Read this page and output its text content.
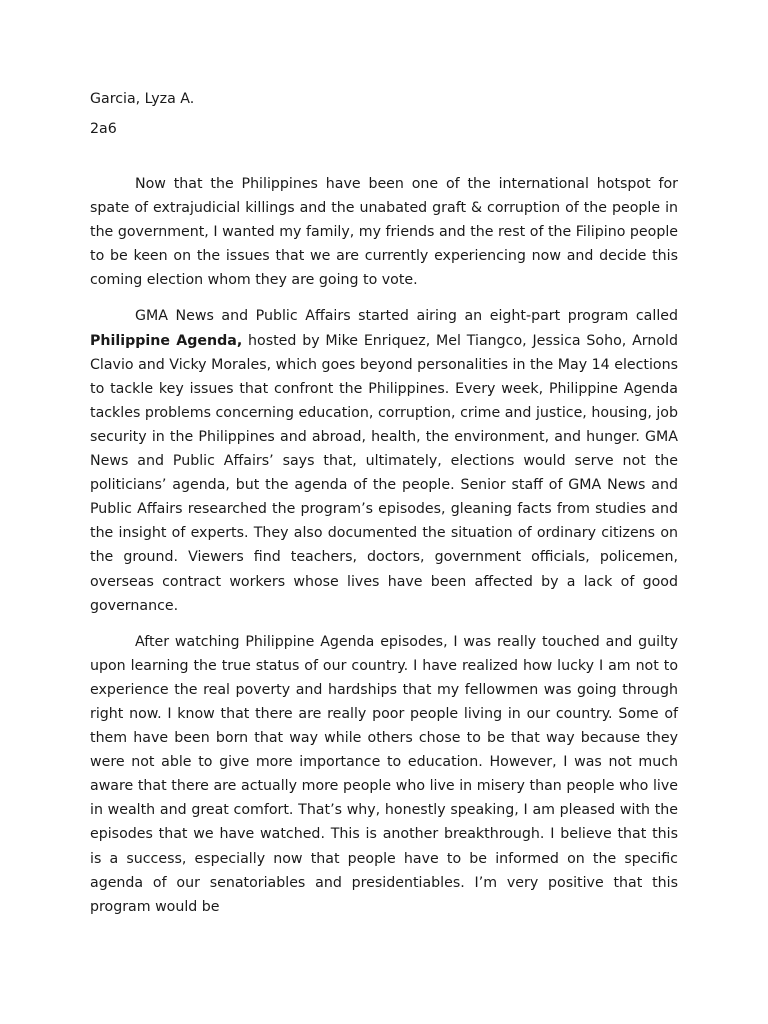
Garcia, Lyza A.

2a6

Now that the Philippines have been one of the international hotspot for spate of extrajudicial killings and the unabated graft & corruption of the people in the government, I wanted my family, my friends and the rest of the Filipino people to be keen on the issues that we are currently experiencing now and decide this coming election whom they are going to vote.

GMA News and Public Affairs started airing an eight-part program called Philippine Agenda, hosted by Mike Enriquez, Mel Tiangco, Jessica Soho, Arnold Clavio and Vicky Morales, which goes beyond personalities in the May 14 elections to tackle key issues that confront the Philippines. Every week, Philippine Agenda tackles problems concerning education, corruption, crime and justice, housing, job security in the Philippines and abroad, health, the environment, and hunger. GMA News and Public Affairs’ says that, ultimately, elections would serve not the politicians’ agenda, but the agenda of the people. Senior staff of GMA News and Public Affairs researched the program’s episodes, gleaning facts from studies and the insight of experts. They also documented the situation of ordinary citizens on the ground. Viewers find teachers, doctors, government officials, policemen, overseas contract workers whose lives have been affected by a lack of good governance.

After watching Philippine Agenda episodes, I was really touched and guilty upon learning the true status of our country. I have realized how lucky I am not to experience the real poverty and hardships that my fellowmen was going through right now. I know that there are really poor people living in our country. Some of them have been born that way while others chose to be that way because they were not able to give more importance to education. However, I was not much aware that there are actually more people who live in misery than people who live in wealth and great comfort. That’s why, honestly speaking, I am pleased with the episodes that we have watched. This is another breakthrough. I believe that this is a success, especially now that people have to be informed on the specific agenda of our senatoriables and presidentiables. I’m very positive that this program would be
